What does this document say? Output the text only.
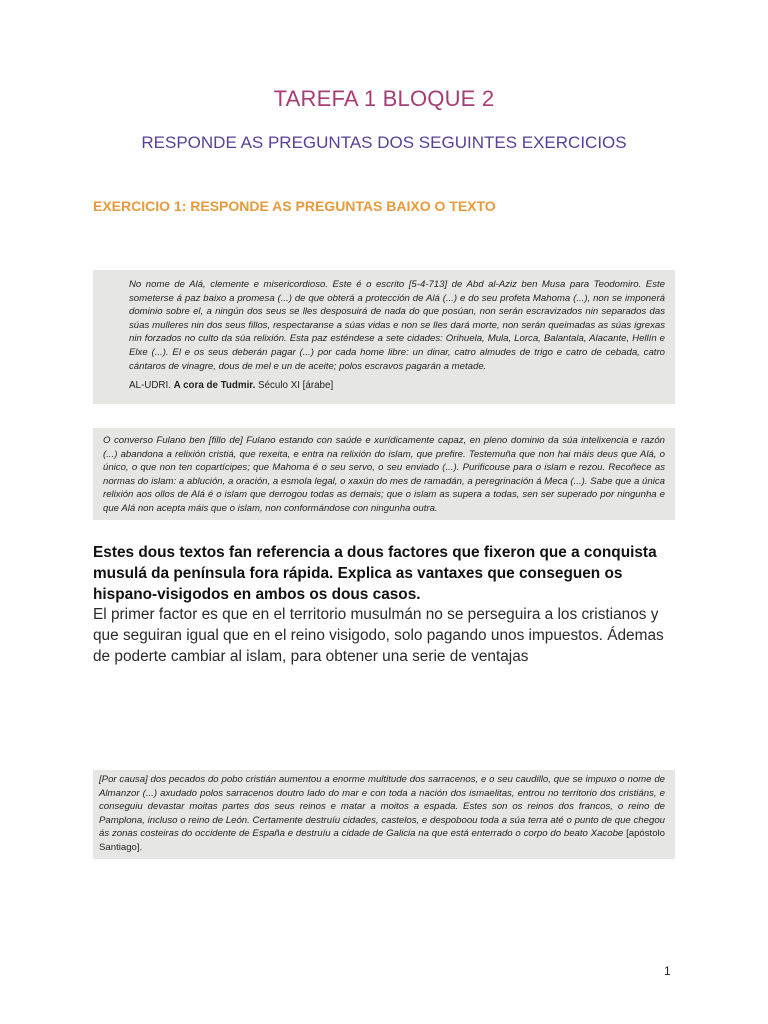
TAREFA 1 BLOQUE 2
RESPONDE AS PREGUNTAS DOS SEGUINTES EXERCICIOS
EXERCICIO 1: RESPONDE AS PREGUNTAS BAIXO O TEXTO
No nome de Alá, clemente e misericordioso. Este é o escrito [5-4-713] de Abd al-Aziz ben Musa para Teodomiro. Este someterse á paz baixo a promesa (...) de que obterá a protección de Alá (...) e do seu profeta Mahoma (...), non se imponerá dominio sobre el, a ningún dos seus se lles desposuirá de nada do que posúan, non serán escravizados nin separados das súas mulleres nin dos seus fillos, respectaranse a súas vidas e non se lles dará morte, non serán queimadas as súas igrexas nin forzados no culto da súa relixión. Esta paz esténdese a sete cidades: Orihuela, Mula, Lorca, Balantala, Alacante, Hellín e Elxe (...). El e os seus deberán pagar (...) por cada home libre: un dinar, catro almudes de trigo e catro de cebada, catro cántaros de vinagre, dous de mel e un de aceite; polos escravos pagarán a metade.
AL-UDRI. A cora de Tudmir. Século XI [árabe]
O converso Fulano ben [fillo de] Fulano estando con saúde e xurídicamente capaz, en pleno dominio da súa intelixencia e razón (...) abandona a relixión cristiá, que rexeita, e entra na relixión do islam, que prefire. Testemuña que non hai máis deus que Alá, o único, o que non ten copartícipes; que Mahoma é o seu servo, o seu enviado (...). Purificouse para o islam e rezou. Recoñece as normas do islam: a ablución, a oración, a esmola legal, o xaxún do mes de ramadán, a peregrinación á Meca (...). Sabe que a única relixión aos ollos de Alá é o islam que derrogou todas as demais; que o islam as supera a todas, sen ser superado por ningunha e que Alá non acepta máis que o islam, non conformándose con ningunha outra.
Estes dous textos fan referencia a dous factores que fixeron que a conquista musulá da península fora rápida. Explica as vantaxes que conseguen os hispano-visigodos en ambos os dous casos.
El primer factor es que en el territorio musulmán no se perseguira a los cristianos y que seguiran igual que en el reino visigodo, solo pagando unos impuestos. Ádemas de poderte cambiar al islam, para obtener una serie de ventajas
[Por causa] dos pecados do pobo cristián aumentou a enorme multitude dos sarracenos, e o seu caudillo, que se impuxo o nome de Almanzor (...) axudado polos sarracenos doutro lado do mar e con toda a nación dos ismaelitas, entrou no territorio dos cristiáns, e conseguiu devastar moitas partes dos seus reinos e matar a moitos a espada. Estes son os reinos dos francos, o reino de Pamplona, incluso o reino de León. Certamente destruíu cidades, castelos, e despoboou toda a súa terra até o punto de que chegou ás zonas costeiras do occidente de España e destruíu a cidade de Galicia na que está enterrado o corpo do beato Xacobe [apóstolo Santiago].
1
